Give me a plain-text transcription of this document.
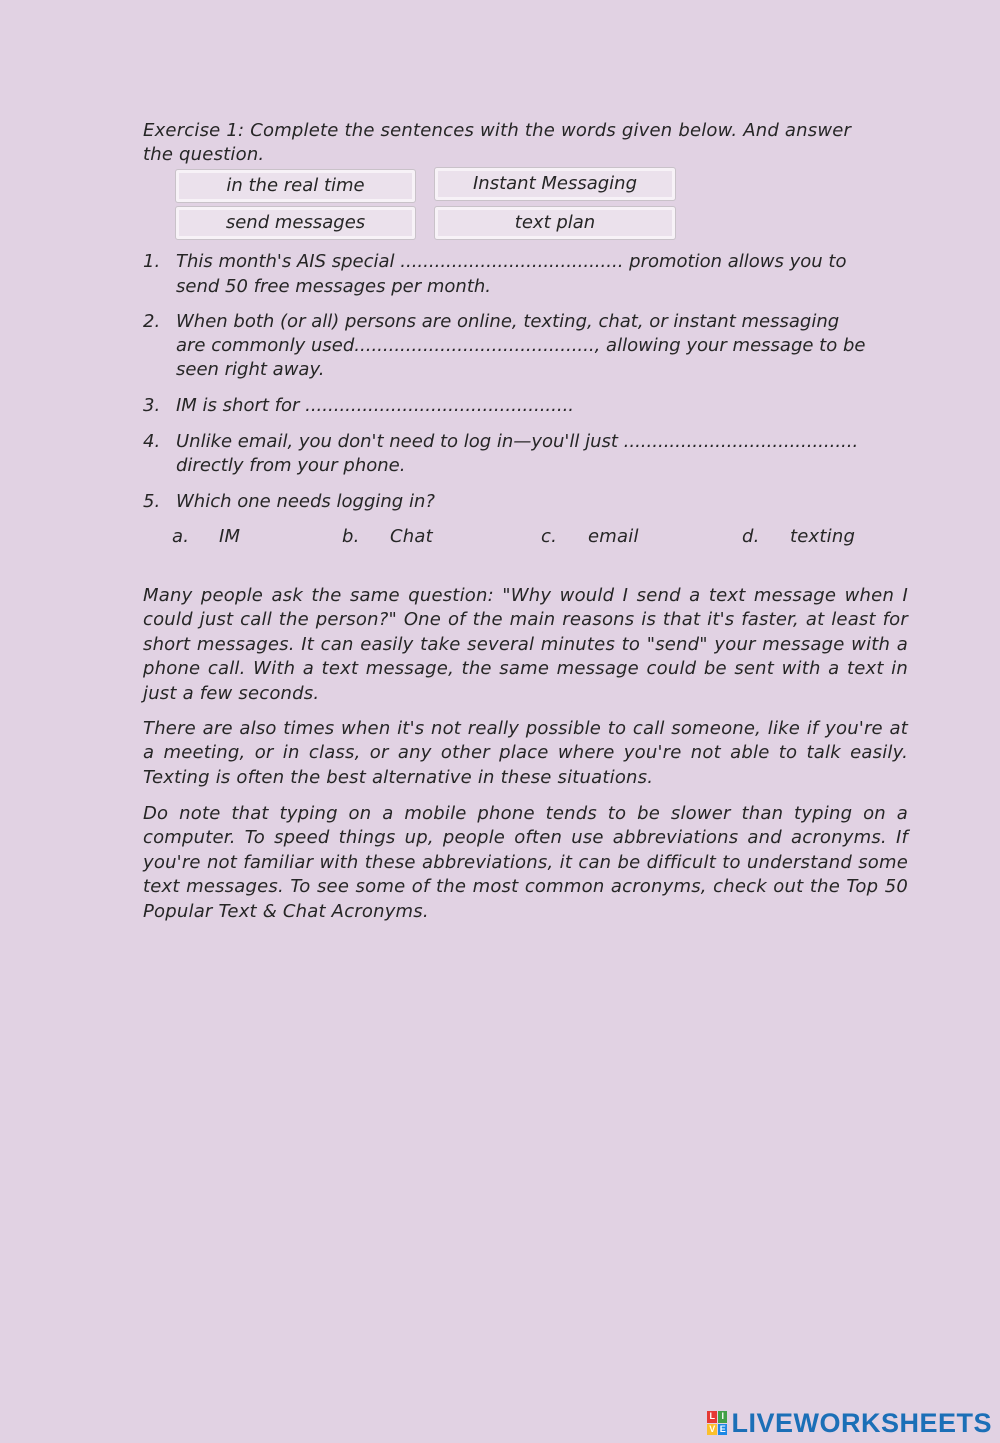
Exercise 1: Complete the sentences with the words given below. And answer
the question.
in the real time	Instant Messaging
send messages	text plan
1. This month's AIS special ....................................... promotion allows you to
send 50 free messages per month.
2. When both (or all) persons are online, texting, chat, or instant messaging
are commonly used.........................................., allowing your message to be
seen right away.
3. IM is short for ...............................................
4. Unlike email, you don't need to log in—you'll just .........................................
directly from your phone.
5. Which one needs logging in?
a. IM	b. Chat	c. email	d. texting
Many people ask the same question: "Why would I send a text message when I could just call the person?" One of the main reasons is that it's faster, at least for short messages. It can easily take several minutes to "send" your message with a phone call. With a text message, the same message could be sent with a text in just a few seconds.
There are also times when it's not really possible to call someone, like if you're at a meeting, or in class, or any other place where you're not able to talk easily. Texting is often the best alternative in these situations.
Do note that typing on a mobile phone tends to be slower than typing on a computer. To speed things up, people often use abbreviations and acronyms. If you're not familiar with these abbreviations, it can be difficult to understand some text messages. To see some of the most common acronyms, check out the Top 50 Popular Text & Chat Acronyms.
L I
V E LIVEWORKSHEETS
